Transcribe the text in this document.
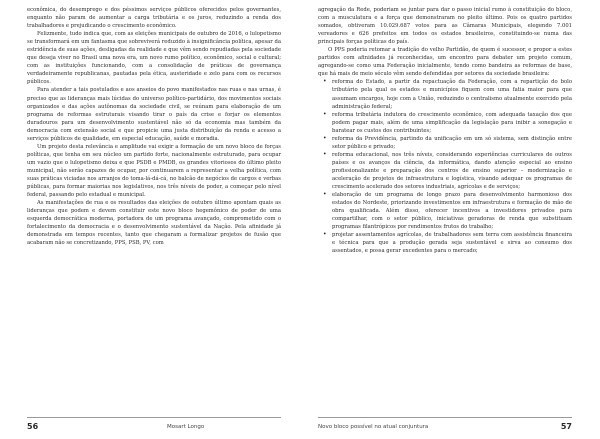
econômica, do desemprego e dos péssimos serviços públicos oferecidos pelos governantes, enquanto não param de aumentar a carga tributária e os juros, reduzindo a renda dos trabalhadores e prejudicando o crescimento econômico.

Felizmente, tudo indica que, com as eleições municipais de outubro de 2016, o lulopetismo se transformará em um fantasma que sobreviverá reduzido à insignificância política, apesar da estridência de suas ações, desligadas da realidade e que vêm sendo repudiadas pela sociedade que deseja viver no Brasil uma nova era, um novo rumo político, econômico, social e cultural; com as instituições funcionando, com a consolidação de práticas de governança verdadeiramente republicanas, pautadas pela ética, austeridade e zelo para com os recursos públicos.

Para atender a tais postulados e aos anseios do povo manifestados nas ruas e nas urnas, é preciso que as lideranças mais lúcidas do universo político-partidário, dos movimentos sociais organizados e das ações autônomas da sociedade civil, se reúnam para elaboração de um programa de reformas estruturais visando tirar o país da crise e forjar os elementos duradouros para um desenvolvimento sustentável não só da economia mas também da democracia com extensão social e que propicie uma justa distribuição da renda e acesso a serviços públicos de qualidade, em especial educação, saúde e moradia.

Um projeto desta relevância e amplitude vai exigir a formação de um novo bloco de forças políticas, que tenha em seu núcleo um partido forte, nacionalmente estruturado, para ocupar um vazio que o lulopetismo deixa e que PSDB e PMDB, os grandes vitoriosos do último pleito municipal, não serão capazes de ocupar, por continuarem a representar a velha política, com suas práticas viciadas nos arranjos do toma-lá-dá-cá, no balcão de negócios de cargos e verbas públicas, para formar maiorias nos legislativos, nos três níveis de poder, a começar pelo nível federal, passando pelo estadual e municipal.

As manifestações de rua e os resultados das eleições de outubro último apontam quais as lideranças que podem e devem constituir este novo bloco hegemônico de poder de uma esquerda democrática moderna, portadora de um programa avançado, comprometido com o fortalecimento da democracia e o desenvolvimento sustentável da Nação. Pela afinidade já demonstrada em tempos recentes, tanto que chegaram a formalizar projetos de fusão que acabaram não se concretizando, PPS, PSB, PV, com

56	Mosart Longo

agregação da Rede, poderiam se juntar para dar o passo inicial rumo à constituição do bloco, com a musculatura e a força que demonstraram no pleito último. Pois os quatro partidos somados, obtiveram 10.029.687 votos para as Câmaras Municipais, elegendo 7.001 vereadores e 626 prefeitos em todos os estados brasileiros, constituindo-se numa das principais forças políticas do país.

O PPS poderia retomar a tradição do velho Partidão, de quem é sucessor, e propor a estes partidos com afinidades já reconhecidas, um encontro para debater um projeto comum, agregando-se como uma Federação inicialmente, tendo como bandeira as reformas de base, que há mais de meio século vêm sendo defendidas por setores da sociedade brasileira:

• reforma do Estado, a partir da repactuação da Federação, com a repartição do bolo tributário pela qual os estados e municípios fiquem com uma fatia maior para que assumam encargos, hoje com a União, reduzindo o centralismo atualmente exercido pela administração federal;
• reforma tributária indutora do crescimento econômico, com adequada taxação dos que podem pagar mais, além de uma simplificação da legislação para inibir a sonegação e baratear os custos dos contribuintes;
• reforma da Previdência, partindo da unificação em um só sistema, sem distinção entre setor público e privado;
• reforma educacional, nos três níveis, considerando experiências curriculares de outros países e os avanços da ciência, da informática, dando atenção especial ao ensino profissionalizante e preparação dos centros de ensino superior – modernização e aceleração de projetos de infraestrutura e logística, visando adequar os programas de crescimento acelerado dos setores industriais, agrícolas e de serviços;
• elaboração de um programa de longo prazo para desenvolvimento harmonioso dos estados do Nordeste, priorizando investimentos em infraestrutura e formação de mão de obra qualificada. Além disso, oferecer incentivos a investidores privados para compartilhar, com o setor público, iniciativas geradoras de renda que substituam programas filantrópicos por rendimentos frutos do trabalho;
• projetar assentamentos agrícolas, de trabalhadores sem terra com assistência financeira e técnica para que a produção gerada seja sustentável e sirva ao consumo dos assentados, e possa gerar excedentes para o mercado;
Novo bloco possível no atual conjuntura	57
